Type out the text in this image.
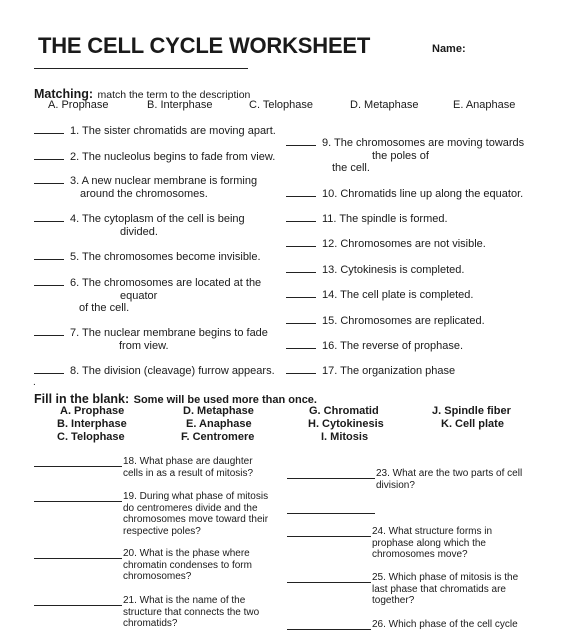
THE CELL CYCLE WORKSHEET	Name:
Matching: match the term to the description
A. Prophase	B. Interphase	C. Telophase	D. Metaphase	E. Anaphase
1. The sister chromatids are moving apart.
2. The nucleolus begins to fade from view.
3. A new nuclear membrane is forming
around the chromosomes.
4. The cytoplasm of the cell is being
divided.
5. The chromosomes become invisible.
6. The chromosomes are located at the
equator
of the cell.
7. The nuclear membrane begins to fade
from view.
8. The division (cleavage) furrow appears.
9. The chromosomes are moving towards
the poles of
the cell.
10. Chromatids line up along the equator.
11. The spindle is formed.
12. Chromosomes are not visible.
13. Cytokinesis is completed.
14. The cell plate is completed.
15. Chromosomes are replicated.
16. The reverse of prophase.
17. The organization phase
.
Fill in the blank: Some will be used more than once.
A. Prophase	D. Metaphase	G. Chromatid	J. Spindle fiber
B. Interphase	E. Anaphase	H. Cytokinesis	K. Cell plate
C. Telophase	F. Centromere	I. Mitosis
18. What phase are daughter
cells in as a result of mitosis?
19. During what phase of mitosis
do centromeres divide and the
chromosomes move toward their
respective poles?
20. What is the phase where
chromatin condenses to form
chromosomes?
21. What is the name of the
structure that connects the two
chromatids?
23. What are the two parts of cell
division?
24. What structure forms in
prophase along which the
chromosomes move?
25. Which phase of mitosis is the
last phase that chromatids are
together?
26. Which phase of the cell cycle
